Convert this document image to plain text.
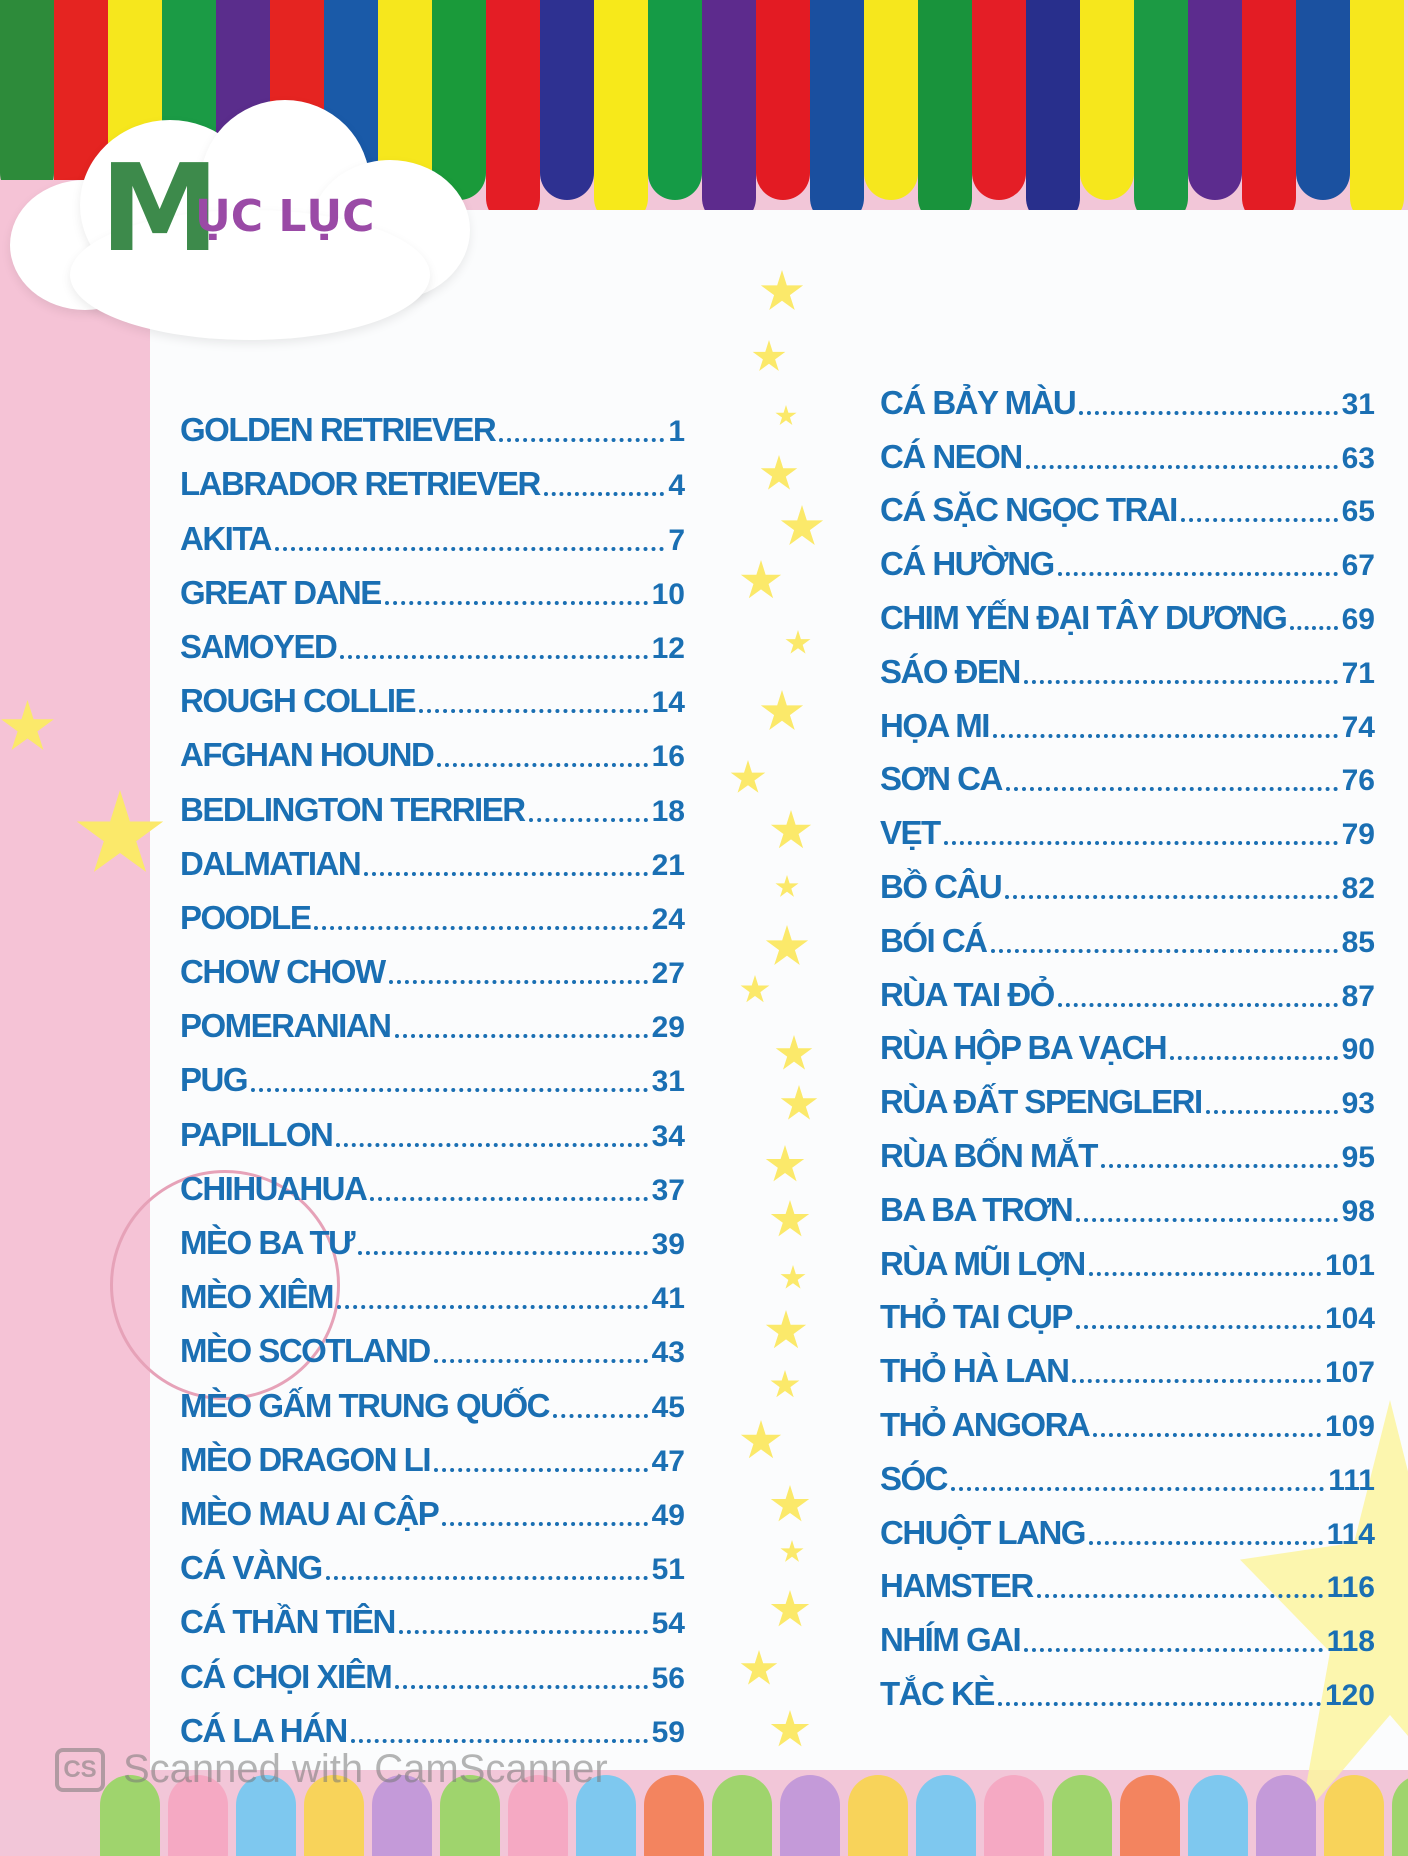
M
ỤC LỤC
GOLDEN RETRIEVER	1
LABRADOR RETRIEVER	4
AKITA	7
GREAT DANE	10
SAMOYED	12
ROUGH COLLIE	14
AFGHAN HOUND	16
BEDLINGTON TERRIER	18
DALMATIAN	21
POODLE	24
CHOW CHOW	27
POMERANIAN	29
PUG	31
PAPILLON	34
CHIHUAHUA	37
MÈO BA TƯ	39
MÈO XIÊM	41
MÈO SCOTLAND	43
MÈO GẤM TRUNG QUỐC	45
MÈO DRAGON LI	47
MÈO MAU AI CẬP	49
CÁ VÀNG	51
CÁ THẦN TIÊN	54
CÁ CHỌI XIÊM	56
CÁ LA HÁN	59
CÁ BẢY MÀU	31
CÁ NEON	63
CÁ SẶC NGỌC TRAI	65
CÁ HƯỜNG	67
CHIM YẾN ĐẠI TÂY DƯƠNG 69
SÁO ĐEN	71
HỌA MI	74
SƠN CA	76
VẸT	79
BỒ CÂU	82
BÓI CÁ	85
RÙA TAI ĐỎ	87
RÙA HỘP BA VẠCH	90
RÙA ĐẤT SPENGLERI	93
RÙA BỐN MẮT	95
BA BA TRƠN	98
RÙA MŨI LỢN	101
THỎ TAI CỤP	104
THỎ HÀ LAN	107
THỎ ANGORA	109
SÓC	111
CHUỘT LANG	114
HAMSTER	116
NHÍM GAI	118
TẮC KÈ	120
CS Scanned with CamScanner
